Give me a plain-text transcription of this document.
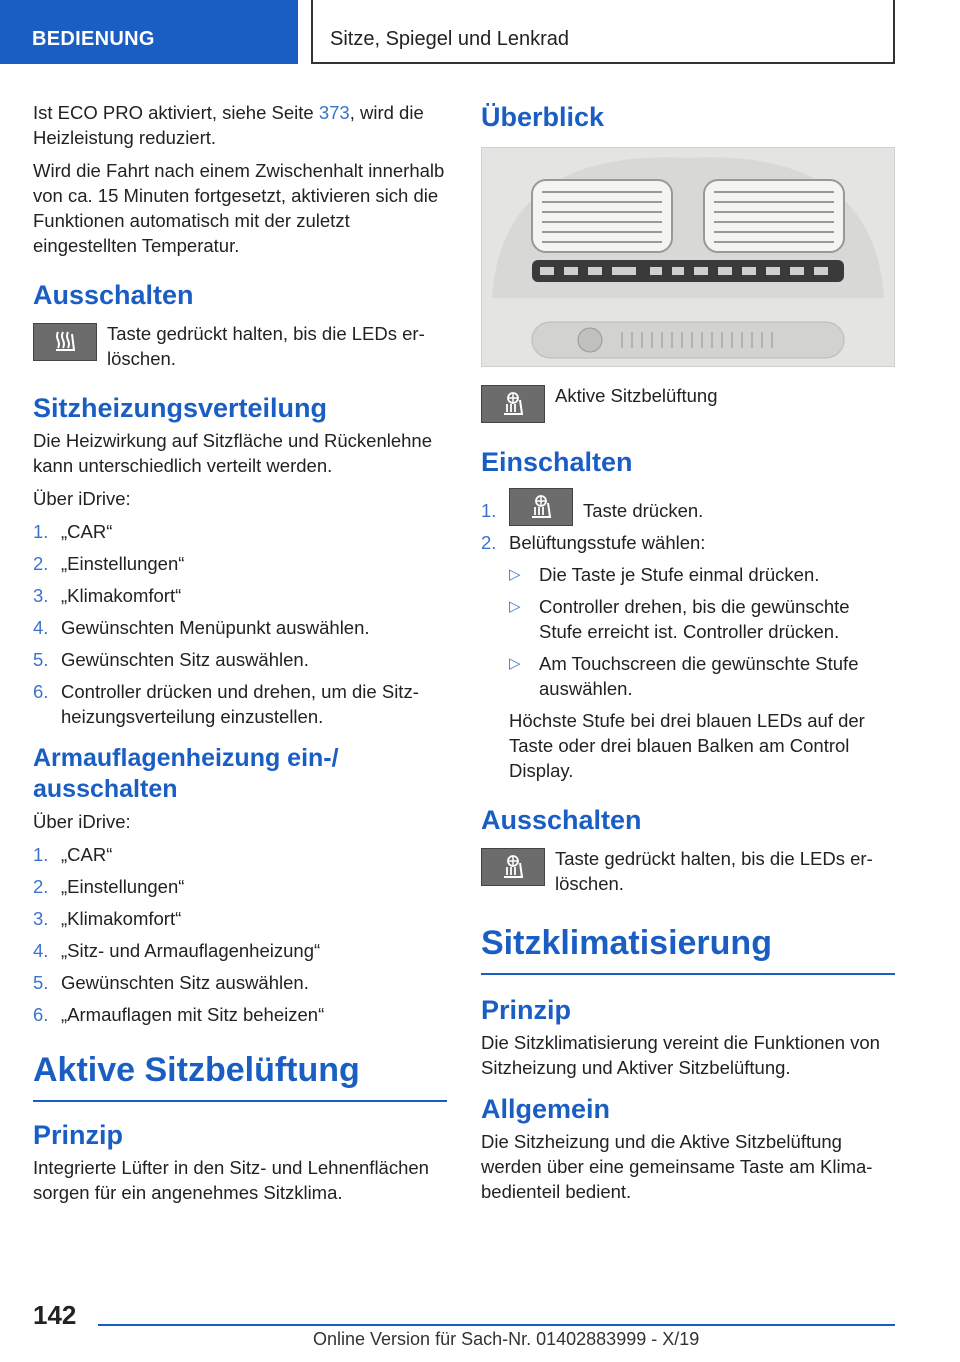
BEDIENUNG	Sitze, Spiegel und Lenkrad

Ist ECO PRO aktiviert, siehe Seite 373, wird die Heizleistung reduziert.

Wird die Fahrt nach einem Zwischenhalt innerhalb von ca. 15 Minuten fortgesetzt, aktivieren sich die Funktionen automatisch mit der zuletzt eingestellten Temperatur.

Ausschalten

Taste gedrückt halten, bis die LEDs erlöschen.

Sitzheizungsverteilung

Die Heizwirkung auf Sitzfläche und Rückenlehne kann unterschiedlich verteilt werden.

Über iDrive:

1. „CAR“
2. „Einstellungen“
3. „Klimakomfort“
4. Gewünschten Menüpunkt auswählen.
5. Gewünschten Sitz auswählen.
6. Controller drücken und drehen, um die Sitzheizungsverteilung einzustellen.
Armauflagenheizung ein-/ ausschalten

Über iDrive:

1. „CAR“
2. „Einstellungen“
3. „Klimakomfort“
4. „Sitz- und Armauflagenheizung“
5. Gewünschten Sitz auswählen.
6. „Armauflagen mit Sitz beheizen“
Aktive Sitzbelüftung
Prinzip

Integrierte Lüfter in den Sitz- und Lehnenflächen sorgen für ein angenehmes Sitzklima.

Überblick

Aktive Sitzbelüftung

Einschalten
1.	Taste drücken.
2. Belüftungsstufe wählen:
▷ Die Taste je Stufe einmal drücken.
▷ Controller drehen, bis die gewünschte Stufe erreicht ist. Controller drücken.
▷ Am Touchscreen die gewünschte Stufe auswählen.

Höchste Stufe bei drei blauen LEDs auf der Taste oder drei blauen Balken am Control Display.

Ausschalten

Taste gedrückt halten, bis die LEDs erlöschen.

Sitzklimatisierung
Prinzip

Die Sitzklimatisierung vereint die Funktionen von Sitzheizung und Aktiver Sitzbelüftung.

Allgemein

Die Sitzheizung und die Aktive Sitzbelüftung werden über eine gemeinsame Taste am Klimabedienteil bedient.

142
Online Version für Sach-Nr. 01402883999 - X/19
